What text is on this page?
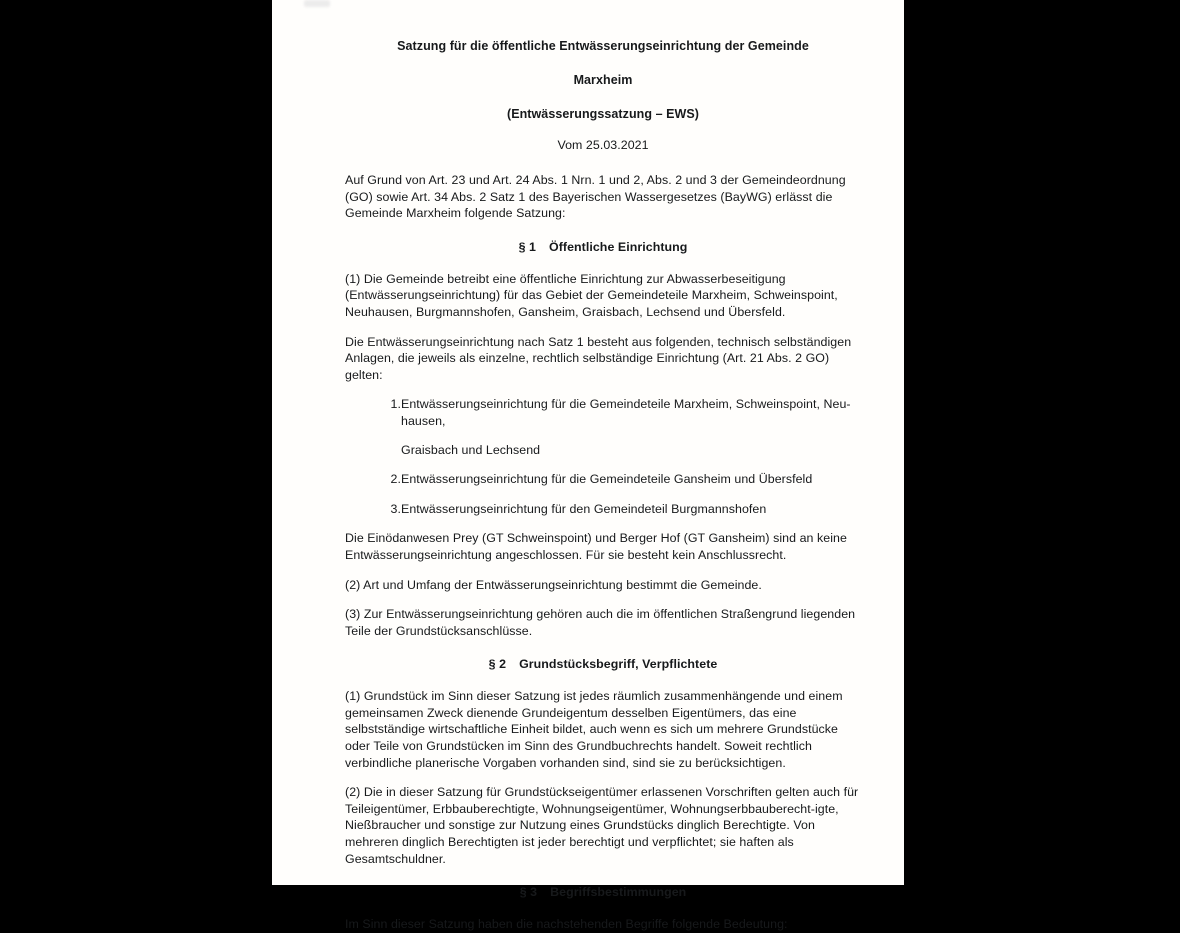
Satzung für die öffentliche Entwässerungseinrichtung der Gemeinde
Marxheim
(Entwässerungssatzung – EWS)
Vom 25.03.2021

Auf Grund von Art. 23 und Art. 24 Abs. 1 Nrn. 1 und 2, Abs. 2 und 3 der Gemeindeordnung (GO) sowie Art. 34 Abs. 2 Satz 1 des Bayerischen Wassergesetzes (BayWG) erlässt die Gemeinde Marxheim folgende Satzung:

§ 1 Öffentliche Einrichtung

(1) Die Gemeinde betreibt eine öffentliche Einrichtung zur Abwasserbeseitigung (Entwässerungseinrichtung) für das Gebiet der Gemeindeteile Marxheim, Schweinspoint, Neuhausen, Burgmannshofen, Gansheim, Graisbach, Lechsend und Übersfeld.

Die Entwässerungseinrichtung nach Satz 1 besteht aus folgenden, technisch selbständigen Anlagen, die jeweils als einzelne, rechtlich selbständige Einrichtung (Art. 21 Abs. 2 GO) gelten:

1. Entwässerungseinrichtung für die Gemeindeteile Marxheim, Schweinspoint, Neu-hausen,
Graisbach und Lechsend
2. Entwässerungseinrichtung für die Gemeindeteile Gansheim und Übersfeld
3. Entwässerungseinrichtung für den Gemeindeteil Burgmannshofen

Die Einödanwesen Prey (GT Schweinspoint) und Berger Hof (GT Gansheim) sind an keine Entwässerungseinrichtung angeschlossen. Für sie besteht kein Anschlussrecht.

(2) Art und Umfang der Entwässerungseinrichtung bestimmt die Gemeinde.

(3) Zur Entwässerungseinrichtung gehören auch die im öffentlichen Straßengrund liegenden Teile der Grundstücksanschlüsse.

§ 2 Grundstücksbegriff, Verpflichtete

(1) Grundstück im Sinn dieser Satzung ist jedes räumlich zusammenhängende und einem gemeinsamen Zweck dienende Grundeigentum desselben Eigentümers, das eine selbstständige wirtschaftliche Einheit bildet, auch wenn es sich um mehrere Grundstücke oder Teile von Grundstücken im Sinn des Grundbuchrechts handelt. Soweit rechtlich verbindliche planerische Vorgaben vorhanden sind, sind sie zu berücksichtigen.

(2) Die in dieser Satzung für Grundstückseigentümer erlassenen Vorschriften gelten auch für Teileigentümer, Erbbauberechtigte, Wohnungseigentümer, Wohnungserbbauberecht-igte, Nießbraucher und sonstige zur Nutzung eines Grundstücks dinglich Berechtigte. Von mehreren dinglich Berechtigten ist jeder berechtigt und verpflichtet; sie haften als Gesamtschuldner.

§ 3 Begriffsbestimmungen

Im Sinn dieser Satzung haben die nachstehenden Begriffe folgende Bedeutung:
